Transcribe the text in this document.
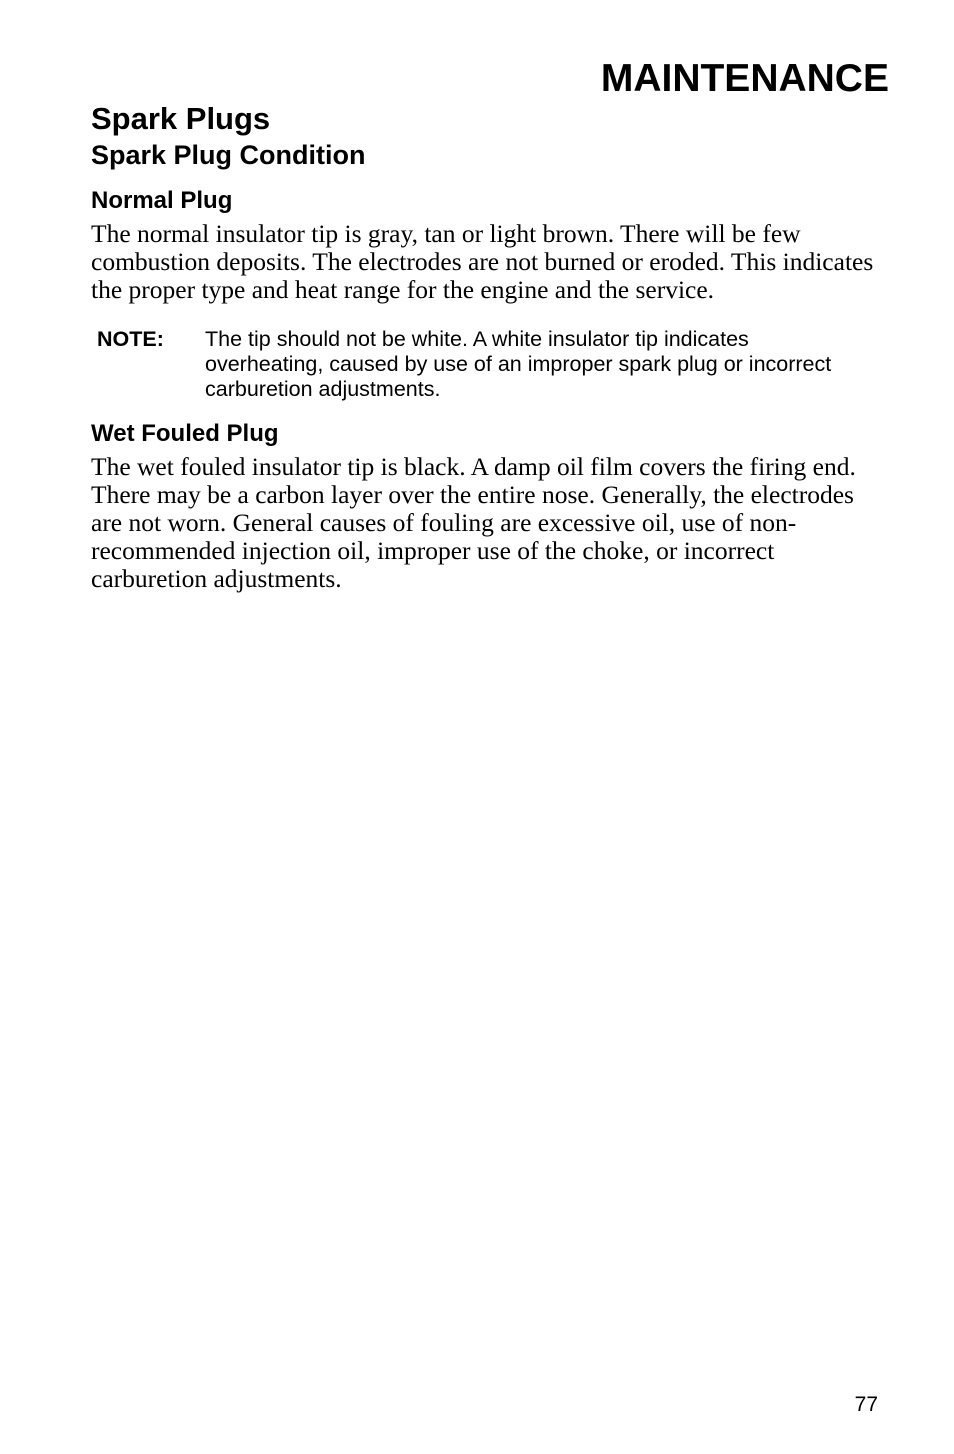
MAINTENANCE
Spark Plugs
Spark Plug Condition
Normal Plug

The normal insulator tip is gray, tan or light brown. There will be few combustion deposits. The electrodes are not burned or eroded. This indicates the proper type and heat range for the engine and the service.

NOTE:	The tip should not be white. A white insulator tip indicates overheating, caused by use of an improper spark plug or incorrect carburetion adjustments.
Wet Fouled Plug

The wet fouled insulator tip is black. A damp oil film covers the firing end. There may be a carbon layer over the entire nose. Generally, the electrodes are not worn. General causes of fouling are excessive oil, use of non-recommended injection oil, improper use of the choke, or incorrect carburetion adjustments.

77
